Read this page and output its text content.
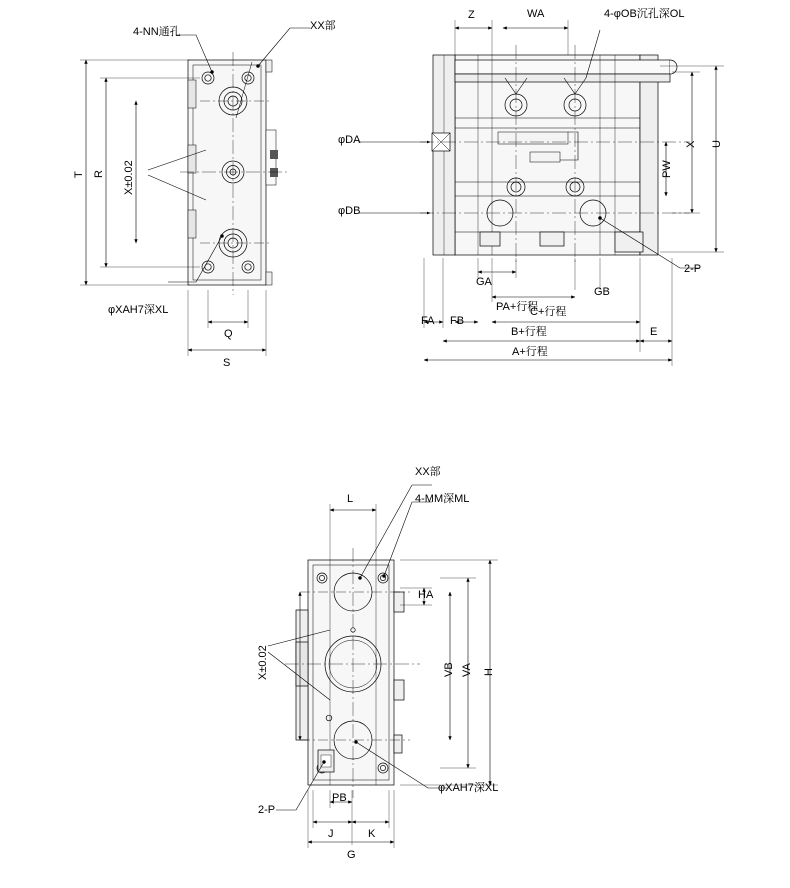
4-NN通孔	XX部
T R X±0.02
φXAH7深XL
Q
S
Z	WA	4-φOB沉孔深OL
φDA
φDB
X U
PW
2-P
GA
GB
PA+行程
FA FB
C+行程
B+行程	E
A+行程
XX部
4-MM深ML
L
HA
X±0.02	VB VA H
φXAH7深XL
2-P
PB
J	K
G
